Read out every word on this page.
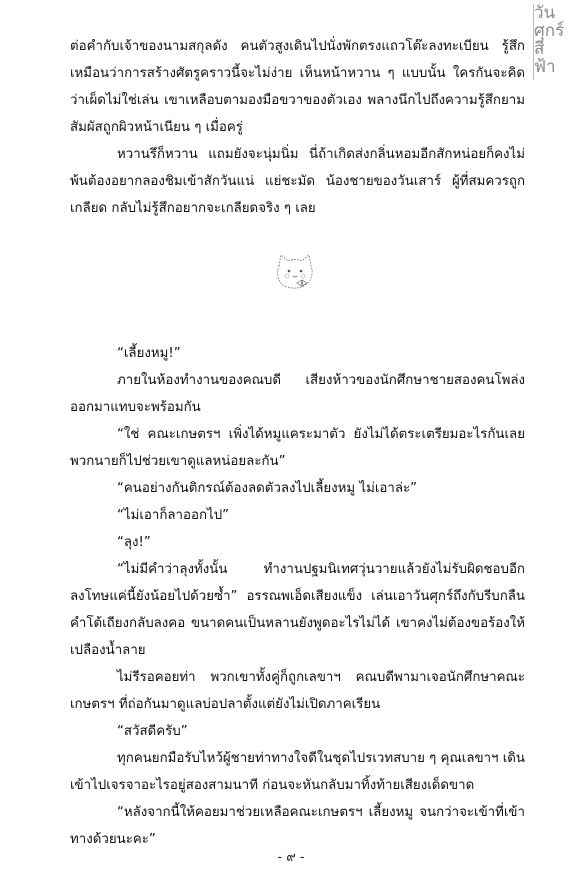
วัน
ศุกร์
สี
ฟ้า

ต่อคำกับเจ้าของนามสกุลดัง คนตัวสูงเดินไปนั่งพักตรงแถวโต๊ะลงทะเบียน รู้สึกเหมือนว่าการสร้างศัตรูคราวนี้จะไม่ง่าย เห็นหน้าหวาน ๆ แบบนั้น ใครกันจะคิดว่าเผ็ดไม่ใช่เล่น เขาเหลือบตามองมือขวาของตัวเอง พลางนึกไปถึงความรู้สึกยามสัมผัสถูกผิวหน้าเนียน ๆ เมื่อครู่

หวานรึก็หวาน แถมยังจะนุ่มนิ่ม นี่ถ้าเกิดส่งกลิ่นหอมอีกสักหน่อยก็คงไม่พ้นต้องอยากลองชิมเข้าสักวันแน่ แย่ชะมัด น้องชายของวันเสาร์ ผู้ที่สมควรถูกเกลียด กลับไม่รู้สึกอยากจะเกลียดจริง ๆ เลย

“เลี้ยงหมู!”

ภายในห้องทำงานของคณบดี เสียงห้าวของนักศึกษาชายสองคนโพล่งออกมาแทบจะพร้อมกัน

“ใช่ คณะเกษตรฯ เพิ่งได้หมูแคระมาตัว ยังไม่ได้ตระเตรียมอะไรกันเลย พวกนายก็ไปช่วยเขาดูแลหน่อยละกัน”

“คนอย่างกันติกรณ์ต้องลดตัวลงไปเลี้ยงหมู ไม่เอาล่ะ”

“ไม่เอาก็ลาออกไป”

“ลุง!”

“ไม่มีคำว่าลุงทั้งนั้น ทำงานปฐมนิเทศวุ่นวายแล้วยังไม่รับผิดชอบอีก ลงโทษแค่นี้ยังน้อยไปด้วยซ้ำ” อรรณพเอ็ดเสียงแข็ง เล่นเอาวันศุกร์ถึงกับรีบกลืนคำโต้เถียงกลับลงคอ ขนาดคนเป็นหลานยังพูดอะไรไม่ได้ เขาคงไม่ต้องขอร้องให้เปลืองน้ำลาย

ไม่รีรอคอยท่า พวกเขาทั้งคู่ก็ถูกเลขาฯ คณบดีพามาเจอนักศึกษาคณะเกษตรฯ ที่ถ่อกันมาดูแลบ่อปลาตั้งแต่ยังไม่เปิดภาคเรียน

“สวัสดีครับ”

ทุกคนยกมือรับไหว้ผู้ชายท่าทางใจดีในชุดไปรเวทสบาย ๆ คุณเลขาฯ เดินเข้าไปเจรจาอะไรอยู่สองสามนาที ก่อนจะหันกลับมาทิ้งท้ายเสียงเด็ดขาด

“หลังจากนี้ให้คอยมาช่วยเหลือคณะเกษตรฯ เลี้ยงหมู จนกว่าจะเข้าที่เข้าทางด้วยนะคะ”

- ๙ -
